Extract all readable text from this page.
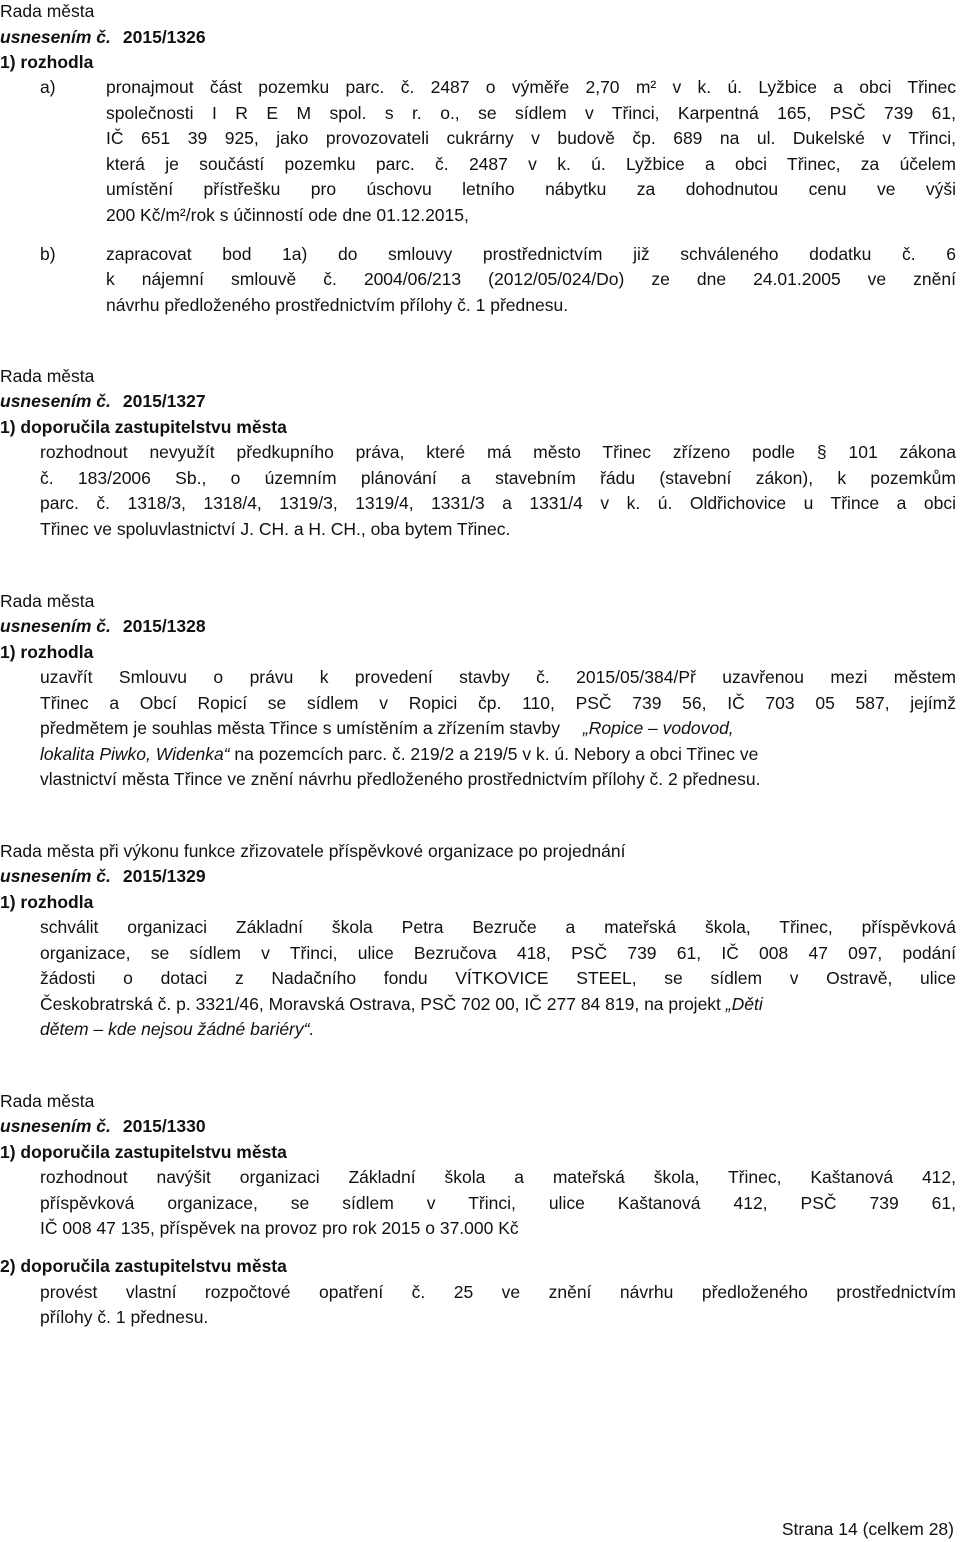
Rada města
usnesením č. 2015/1326
1) rozhodla
a)	pronajmout část pozemku parc. č. 2487 o výměře 2,70 m² v k. ú. Lyžbice a obci Třinec
společnosti I R E M spol. s r. o., se sídlem v Třinci, Karpentná 165, PSČ 739 61,
IČ 651 39 925, jako provozovateli cukrárny v budově čp. 689 na ul. Dukelské v Třinci,
která je součástí pozemku parc. č. 2487 v k. ú. Lyžbice a obci Třinec, za účelem
umístění přístřešku pro úschovu letního nábytku za dohodnutou cenu ve výši
200 Kč/m²/rok s účinností ode dne 01.12.2015,
b)	zapracovat bod 1a) do smlouvy prostřednictvím již schváleného dodatku č. 6
k nájemní smlouvě č. 2004/06/213 (2012/05/024/Do) ze dne 24.01.2005 ve znění
návrhu předloženého prostřednictvím přílohy č. 1 přednesu.
Rada města
usnesením č. 2015/1327
1) doporučila zastupitelstvu města
rozhodnout nevyužít předkupního práva, které má město Třinec zřízeno podle § 101 zákona
č. 183/2006 Sb., o územním plánování a stavebním řádu (stavební zákon), k pozemkům
parc. č. 1318/3, 1318/4, 1319/3, 1319/4, 1331/3 a 1331/4 v k. ú. Oldřichovice u Třince a obci
Třinec ve spoluvlastnictví J. CH. a H. CH., oba bytem Třinec.
Rada města
usnesením č. 2015/1328
1) rozhodla
uzavřít Smlouvu o právu k provedení stavby č. 2015/05/384/Př uzavřenou mezi městem
Třinec a Obcí Ropicí se sídlem v Ropici čp. 110, PSČ 739 56, IČ 703 05 587, jejímž
předmětem je souhlas města Třince s umístěním a zřízením stavby „Ropice – vodovod,
lokalita Piwko, Widenka“ na pozemcích parc. č. 219/2 a 219/5 v k. ú. Nebory a obci Třinec ve
vlastnictví města Třince ve znění návrhu předloženého prostřednictvím přílohy č. 2 přednesu.
Rada města při výkonu funkce zřizovatele příspěvkové organizace po projednání
usnesením č. 2015/1329
1) rozhodla
schválit organizaci Základní škola Petra Bezruče a mateřská škola, Třinec, příspěvková
organizace, se sídlem v Třinci, ulice Bezručova 418, PSČ 739 61, IČ 008 47 097, podání
žádosti o dotaci z Nadačního fondu VÍTKOVICE STEEL, se sídlem v Ostravě, ulice
Českobratrská č. p. 3321/46, Moravská Ostrava, PSČ 702 00, IČ 277 84 819, na projekt „Děti
dětem – kde nejsou žádné bariéry“.
Rada města
usnesením č. 2015/1330
1) doporučila zastupitelstvu města
rozhodnout navýšit organizaci Základní škola a mateřská škola, Třinec, Kaštanová 412,
příspěvková organizace, se sídlem v Třinci, ulice Kaštanová 412, PSČ 739 61,
IČ 008 47 135, příspěvek na provoz pro rok 2015 o 37.000 Kč
2) doporučila zastupitelstvu města
provést vlastní rozpočtové opatření č. 25 ve znění návrhu předloženého prostřednictvím
přílohy č. 1 přednesu.
Strana 14 (celkem 28)
